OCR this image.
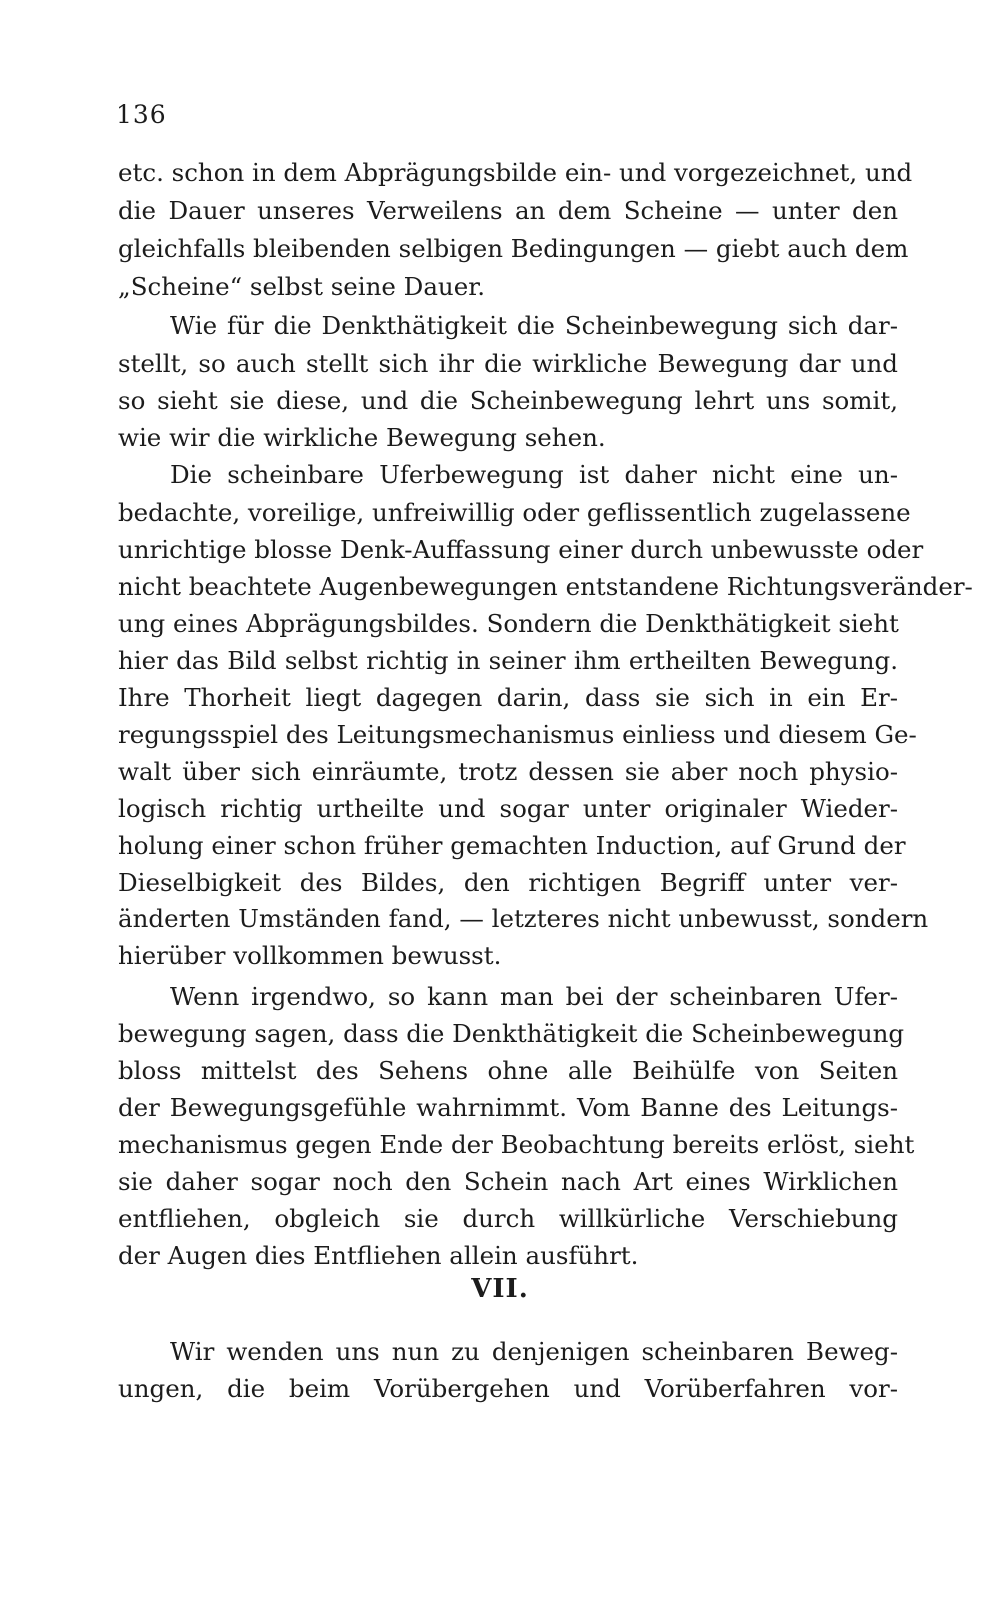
136
etc. schon in dem Abprägungsbilde ein- und vorgezeichnet, und
die Dauer unseres Verweilens an dem Scheine — unter den
gleichfalls bleibenden selbigen Bedingungen — giebt auch dem
„Scheine“ selbst seine Dauer.
Wie für die Denkthätigkeit die Scheinbewegung sich dar-
stellt, so auch stellt sich ihr die wirkliche Bewegung dar und
so sieht sie diese, und die Scheinbewegung lehrt uns somit,
wie wir die wirkliche Bewegung sehen.
Die scheinbare Uferbewegung ist daher nicht eine un-
bedachte, voreilige, unfreiwillig oder geflissentlich zugelassene
unrichtige blosse Denk-Auffassung einer durch unbewusste oder
nicht beachtete Augenbewegungen entstandene Richtungsveränder-
ung eines Abprägungsbildes. Sondern die Denkthätigkeit sieht
hier das Bild selbst richtig in seiner ihm ertheilten Bewegung.
Ihre Thorheit liegt dagegen darin, dass sie sich in ein Er-
regungsspiel des Leitungsmechanismus einliess und diesem Ge-
walt über sich einräumte, trotz dessen sie aber noch physio-
logisch richtig urtheilte und sogar unter originaler Wieder-
holung einer schon früher gemachten Induction, auf Grund der
Dieselbigkeit des Bildes, den richtigen Begriff unter ver-
änderten Umständen fand, — letzteres nicht unbewusst, sondern
hierüber vollkommen bewusst.
Wenn irgendwo, so kann man bei der scheinbaren Ufer-
bewegung sagen, dass die Denkthätigkeit die Scheinbewegung
bloss mittelst des Sehens ohne alle Beihülfe von Seiten
der Bewegungsgefühle wahrnimmt. Vom Banne des Leitungs-
mechanismus gegen Ende der Beobachtung bereits erlöst, sieht
sie daher sogar noch den Schein nach Art eines Wirklichen
entfliehen, obgleich sie durch willkürliche Verschiebung
der Augen dies Entfliehen allein ausführt.
VII.
Wir wenden uns nun zu denjenigen scheinbaren Beweg-
ungen, die beim Vorübergehen und Vorüberfahren vor-
